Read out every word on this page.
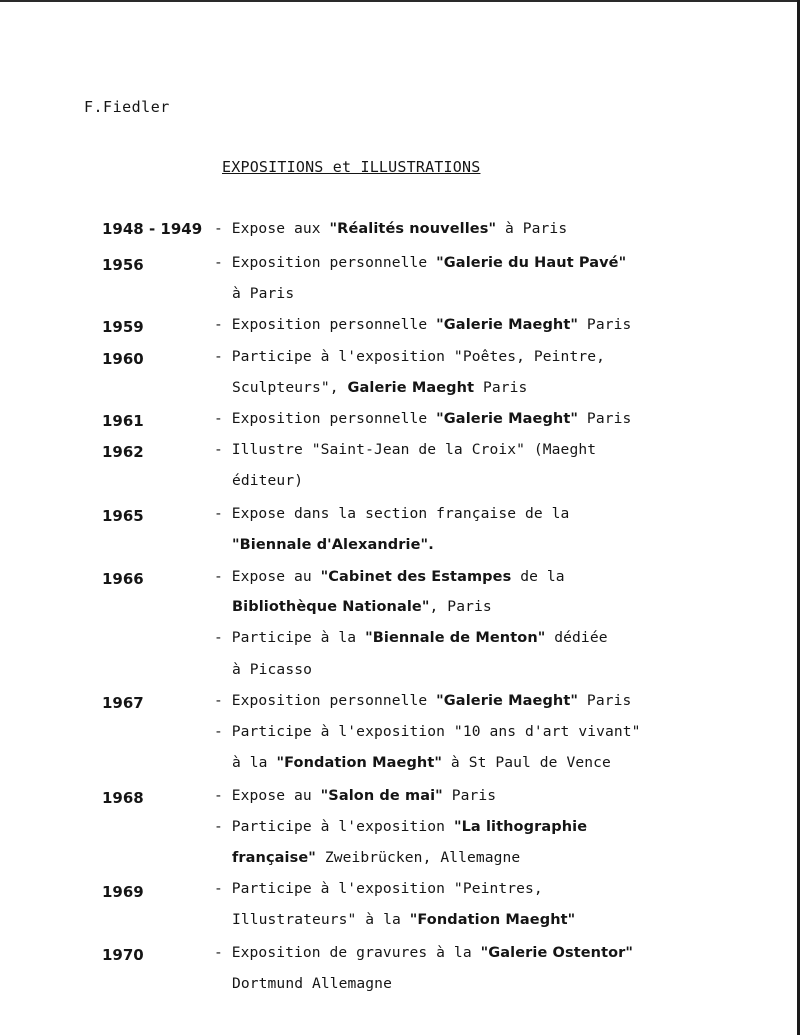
F.Fiedler
EXPOSITIONS et ILLUSTRATIONS
1948 - 1949 - Expose aux "Réalités nouvelles" à Paris
1956	- Exposition personnelle "Galerie du Haut Pavé"
à Paris
1959	- Exposition personnelle "Galerie Maeght" Paris
1960	- Participe à l'exposition "Poêtes, Peintre,
Sculpteurs", Galerie Maeght Paris
1961	- Exposition personnelle "Galerie Maeght" Paris
1962	- Illustre "Saint-Jean de la Croix" (Maeght
éditeur)
1965	- Expose dans la section française de la
"Biennale d'Alexandrie".
1966	- Expose au "Cabinet des Estampes de la
Bibliothèque Nationale", Paris
- Participe à la "Biennale de Menton" dédiée
à Picasso
1967	- Exposition personnelle "Galerie Maeght" Paris
- Participe à l'exposition "10 ans d'art vivant"
à la "Fondation Maeght" à St Paul de Vence
1968	- Expose au "Salon de mai" Paris
- Participe à l'exposition "La lithographie
française" Zweibrücken, Allemagne
1969	- Participe à l'exposition "Peintres,
Illustrateurs" à la "Fondation Maeght"
1970	- Exposition de gravures à la "Galerie Ostentor"
Dortmund Allemagne
